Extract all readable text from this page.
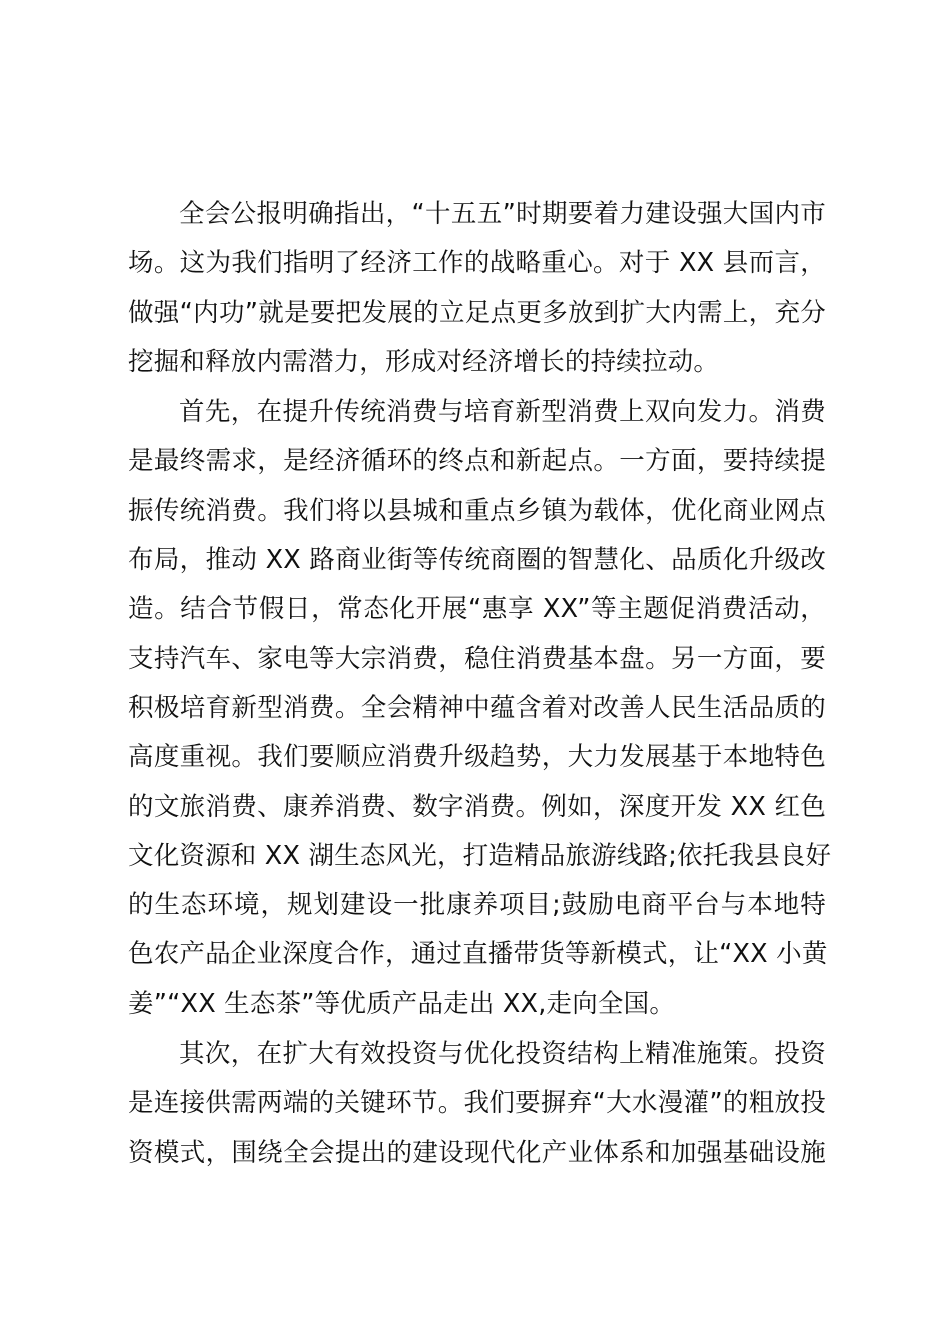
全会公报明确指出，“十五五”时期要着力建设强大国内市
场。这为我们指明了经济工作的战略重心。对于 XX 县而言，
做强“内功”就是要把发展的立足点更多放到扩大内需上，充分
挖掘和释放内需潜力，形成对经济增长的持续拉动。
首先，在提升传统消费与培育新型消费上双向发力。消费
是最终需求，是经济循环的终点和新起点。一方面，要持续提
振传统消费。我们将以县城和重点乡镇为载体，优化商业网点
布局，推动 XX 路商业街等传统商圈的智慧化、品质化升级改
造。结合节假日，常态化开展“惠享 XX”等主题促消费活动，
支持汽车、家电等大宗消费，稳住消费基本盘。另一方面，要
积极培育新型消费。全会精神中蕴含着对改善人民生活品质的
高度重视。我们要顺应消费升级趋势，大力发展基于本地特色
的文旅消费、康养消费、数字消费。例如，深度开发 XX 红色
文化资源和 XX 湖生态风光，打造精品旅游线路;依托我县良好
的生态环境，规划建设一批康养项目;鼓励电商平台与本地特
色农产品企业深度合作，通过直播带货等新模式，让“XX 小黄
姜”“XX 生态茶”等优质产品走出 XX,走向全国。
其次，在扩大有效投资与优化投资结构上精准施策。投资
是连接供需两端的关键环节。我们要摒弃“大水漫灌”的粗放投
资模式，围绕全会提出的建设现代化产业体系和加强基础设施
